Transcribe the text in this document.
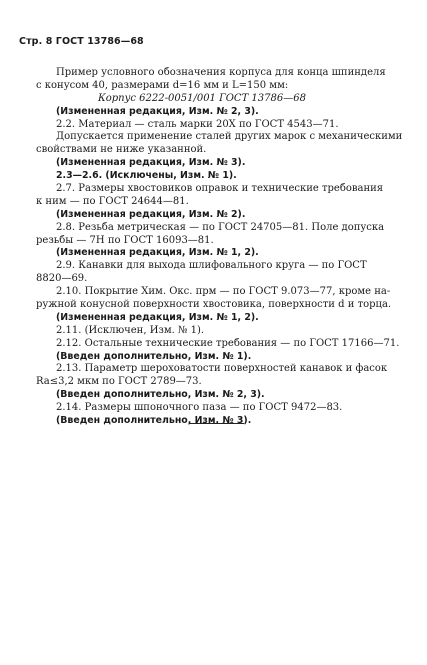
Стр. 8 ГОСТ 13786—68
Пример условного обозначения корпуса для конца шпинделя
с конусом 40, размерами d=16 мм и L=150 мм:
Корпус 6222-0051/001 ГОСТ 13786—68
(Измененная редакция, Изм. № 2, 3).
2.2. Материал — сталь марки 20Х по ГОСТ 4543—71.
Допускается применение сталей других марок с механическими
свойствами не ниже указанной.
(Измененная редакция, Изм. № 3).
2.3—2.6. (Исключены, Изм. № 1).
2.7. Размеры хвостовиков оправок и технические требования
к ним — по ГОСТ 24644—81.
(Измененная редакция, Изм. № 2).
2.8. Резьба метрическая — по ГОСТ 24705—81. Поле допуска
резьбы — 7H по ГОСТ 16093—81.
(Измененная редакция, Изм. № 1, 2).
2.9. Канавки для выхода шлифовального круга — по ГОСТ
8820—69.
2.10. Покрытие Хим. Окс. прм — по ГОСТ 9.073—77, кроме на-
ружной конусной поверхности хвостовика, поверхности d и торца.
(Измененная редакция, Изм. № 1, 2).
2.11. (Исключен, Изм. № 1).
2.12. Остальные технические требования — по ГОСТ 17166—71.
(Введен дополнительно, Изм. № 1).
2.13. Параметр шероховатости поверхностей канавок и фасок
Ra≤3,2 мкм по ГОСТ 2789—73.
(Введен дополнительно, Изм. № 2, 3).
2.14. Размеры шпоночного паза — по ГОСТ 9472—83.
(Введен дополнительно, Изм. № 3).
